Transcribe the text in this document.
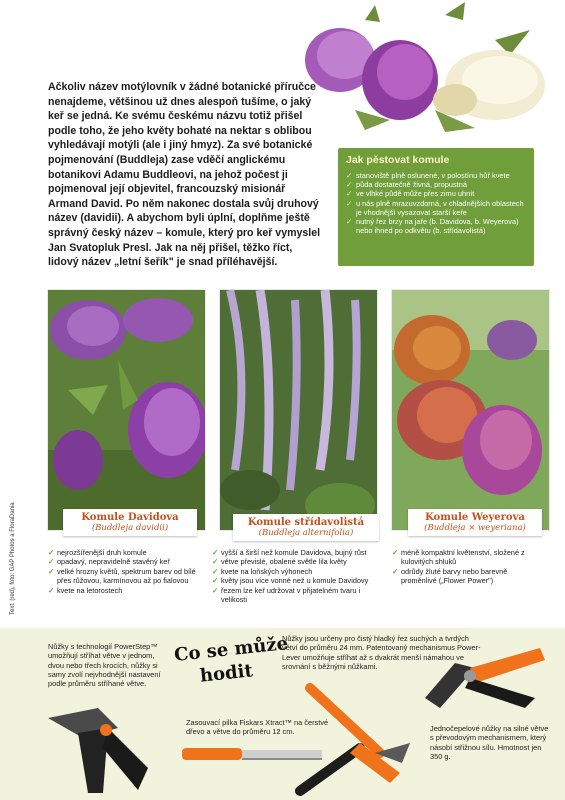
Ačkoliv název motýlovník v žádné botanické příručce
nenajdeme, většinou už dnes alespoň tušíme, o jaký
keř se jedná. Ke svému českému názvu totiž přišel
podle toho, že jeho květy bohaté na nektar s oblibou
vyhledávají motýli (ale i jiný hmyz). Za své botanické
pojmenování (Buddleja) zase vděčí anglickému
botanikovi Adamu Buddleovi, na jehož počest ji
pojmenoval její objevitel, francouzský misionář
Armand David. Po něm nakonec dostala svůj druhový
název (davidii). A abychom byli úplní, doplňme ještě
správný český název – komule, který pro keř vymyslel
Jan Svatopluk Presl. Jak na něj přišel, těžko říct,
lidový název „letní šeřík" je snad příléhavější.
Jak pěstovat komule
✓ stanoviště plně oslunené, v polostínu hůř kvete
✓ půda dostatečně živná, propustná
✓ ve vlhké půdě může přes zimu uhnít
✓ u nás plně mrazuvzdorná, v chladnějších oblastech je vhodnější vysazovat starší keře
✓ nutný řez brzy na jaře (b. Davidova, b. Weyerova) nebo ihned po odkvětu (b. střídavolistá)
Komule Davidova
(Buddleja davidii)	Komule střídavolistá
(Buddleja alternifolia)
Komule Weyerova
(Buddleja × weyeriana)
✓ nejrozšířenější druh komule
✓ opadavý, nepravidelně stavěný keř
✓ velké hrozny květů, spektrum barev od bílé přes růžovou, karmínovou až po fialovou
✓ kvete na letorostech
✓ vyšší a širší než komule Davidova, bujný růst
✓ větve převislé, obalené světle lila květy
✓ kvete na loňských výhonech
✓ květy jsou více vonné než u komule Davidovy
✓ řezem lze keř udržovat v přijatelném tvaru i velikosti
✓ méně kompaktní květenství, složené z kulovitých shluků
✓ odrůdy žluté barvy nebo barevně proměnlivé („Flower Power")
Text: (red), foto: GAP Photos a FloraDania
Nůžky s technologií PowerStep™ umožňují stříhat větve v jednom, dvou nebo třech krocích, nůžky si samy zvolí nejvhodnější nastavení podle průměru stříhané větve.
Co se může
hodit
Nůžky jsou určeny pro čistý hladký řez suchých a tvrdých větví do průměru 24 mm. Patentovaný mechanismus Power-Lever umožňuje stříhat až s dvakrát menší námahou ve srovnání s běžnými nůžkami.
Zasouvací pilka Fiskars Xtract™ na čerstvé dřevo a větve do průměru 12 cm.	Jednočepelové nůžky na silné větve s převodovým mechanismem, který násobí střižnou sílu. Hmotnost jen 350 g.
